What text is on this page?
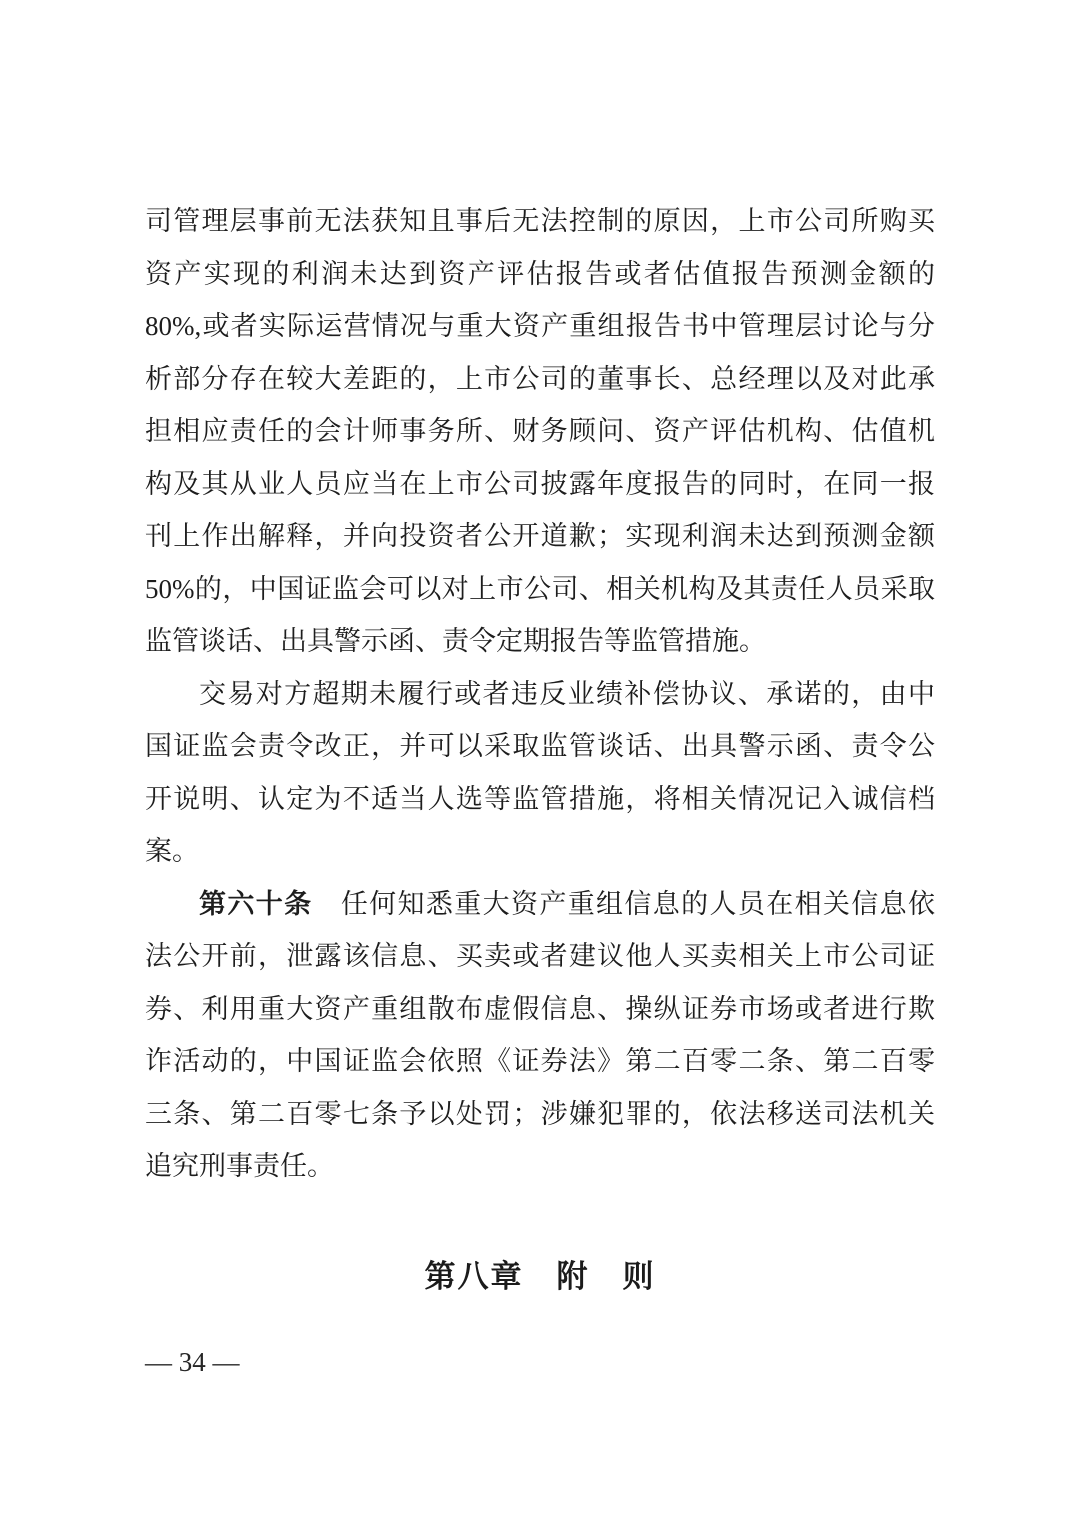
司管理层事前无法获知且事后无法控制的原因，上市公司所购买
资产实现的利润未达到资产评估报告或者估值报告预测金额的
80%,或者实际运营情况与重大资产重组报告书中管理层讨论与分
析部分存在较大差距的，上市公司的董事长、总经理以及对此承
担相应责任的会计师事务所、财务顾问、资产评估机构、估值机
构及其从业人员应当在上市公司披露年度报告的同时，在同一报
刊上作出解释，并向投资者公开道歉；实现利润未达到预测金额
50%的，中国证监会可以对上市公司、相关机构及其责任人员采取
监管谈话、出具警示函、责令定期报告等监管措施。
交易对方超期未履行或者违反业绩补偿协议、承诺的，由中
国证监会责令改正，并可以采取监管谈话、出具警示函、责令公
开说明、认定为不适当人选等监管措施，将相关情况记入诚信档
案。
第六十条　任何知悉重大资产重组信息的人员在相关信息依
法公开前，泄露该信息、买卖或者建议他人买卖相关上市公司证
券、利用重大资产重组散布虚假信息、操纵证券市场或者进行欺
诈活动的，中国证监会依照《证券法》第二百零二条、第二百零
三条、第二百零七条予以处罚；涉嫌犯罪的，依法移送司法机关
追究刑事责任。
第八章　附　则
— 34 —
